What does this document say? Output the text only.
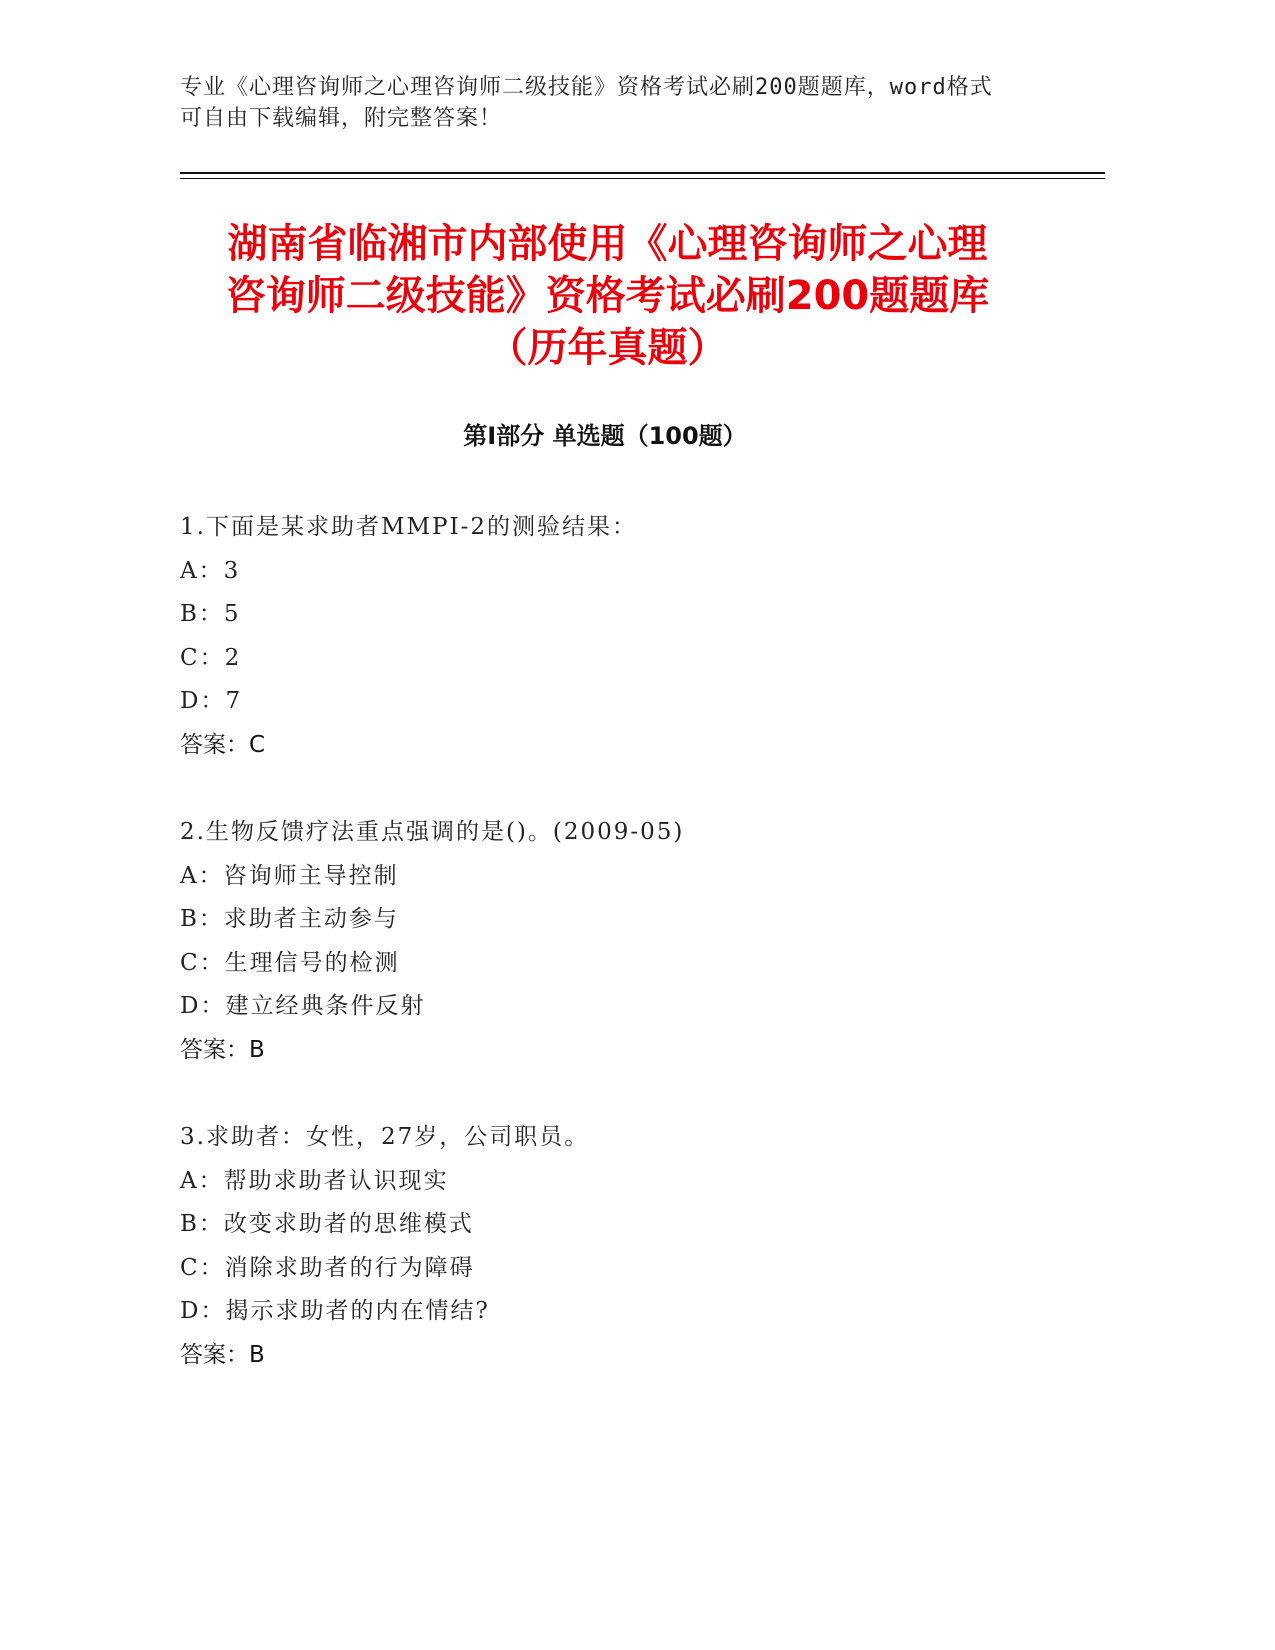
专业《心理咨询师之心理咨询师二级技能》资格考试必刷200题题库，word格式
可自由下载编辑，附完整答案！
湖南省临湘市内部使用《心理咨询师之心理
咨询师二级技能》资格考试必刷200题题库
（历年真题）
第Ⅰ部分 单选题（100题）
1.下面是某求助者MMPI-2的测验结果：
A：3
B：5
C：2
D：7
答案：C
2.生物反馈疗法重点强调的是()。(2009-05)
A：咨询师主导控制
B：求助者主动参与
C：生理信号的检测
D：建立经典条件反射
答案：B
3.求助者：女性，27岁，公司职员。
A：帮助求助者认识现实
B：改变求助者的思维模式
C：消除求助者的行为障碍
D：揭示求助者的内在情结?
答案：B
